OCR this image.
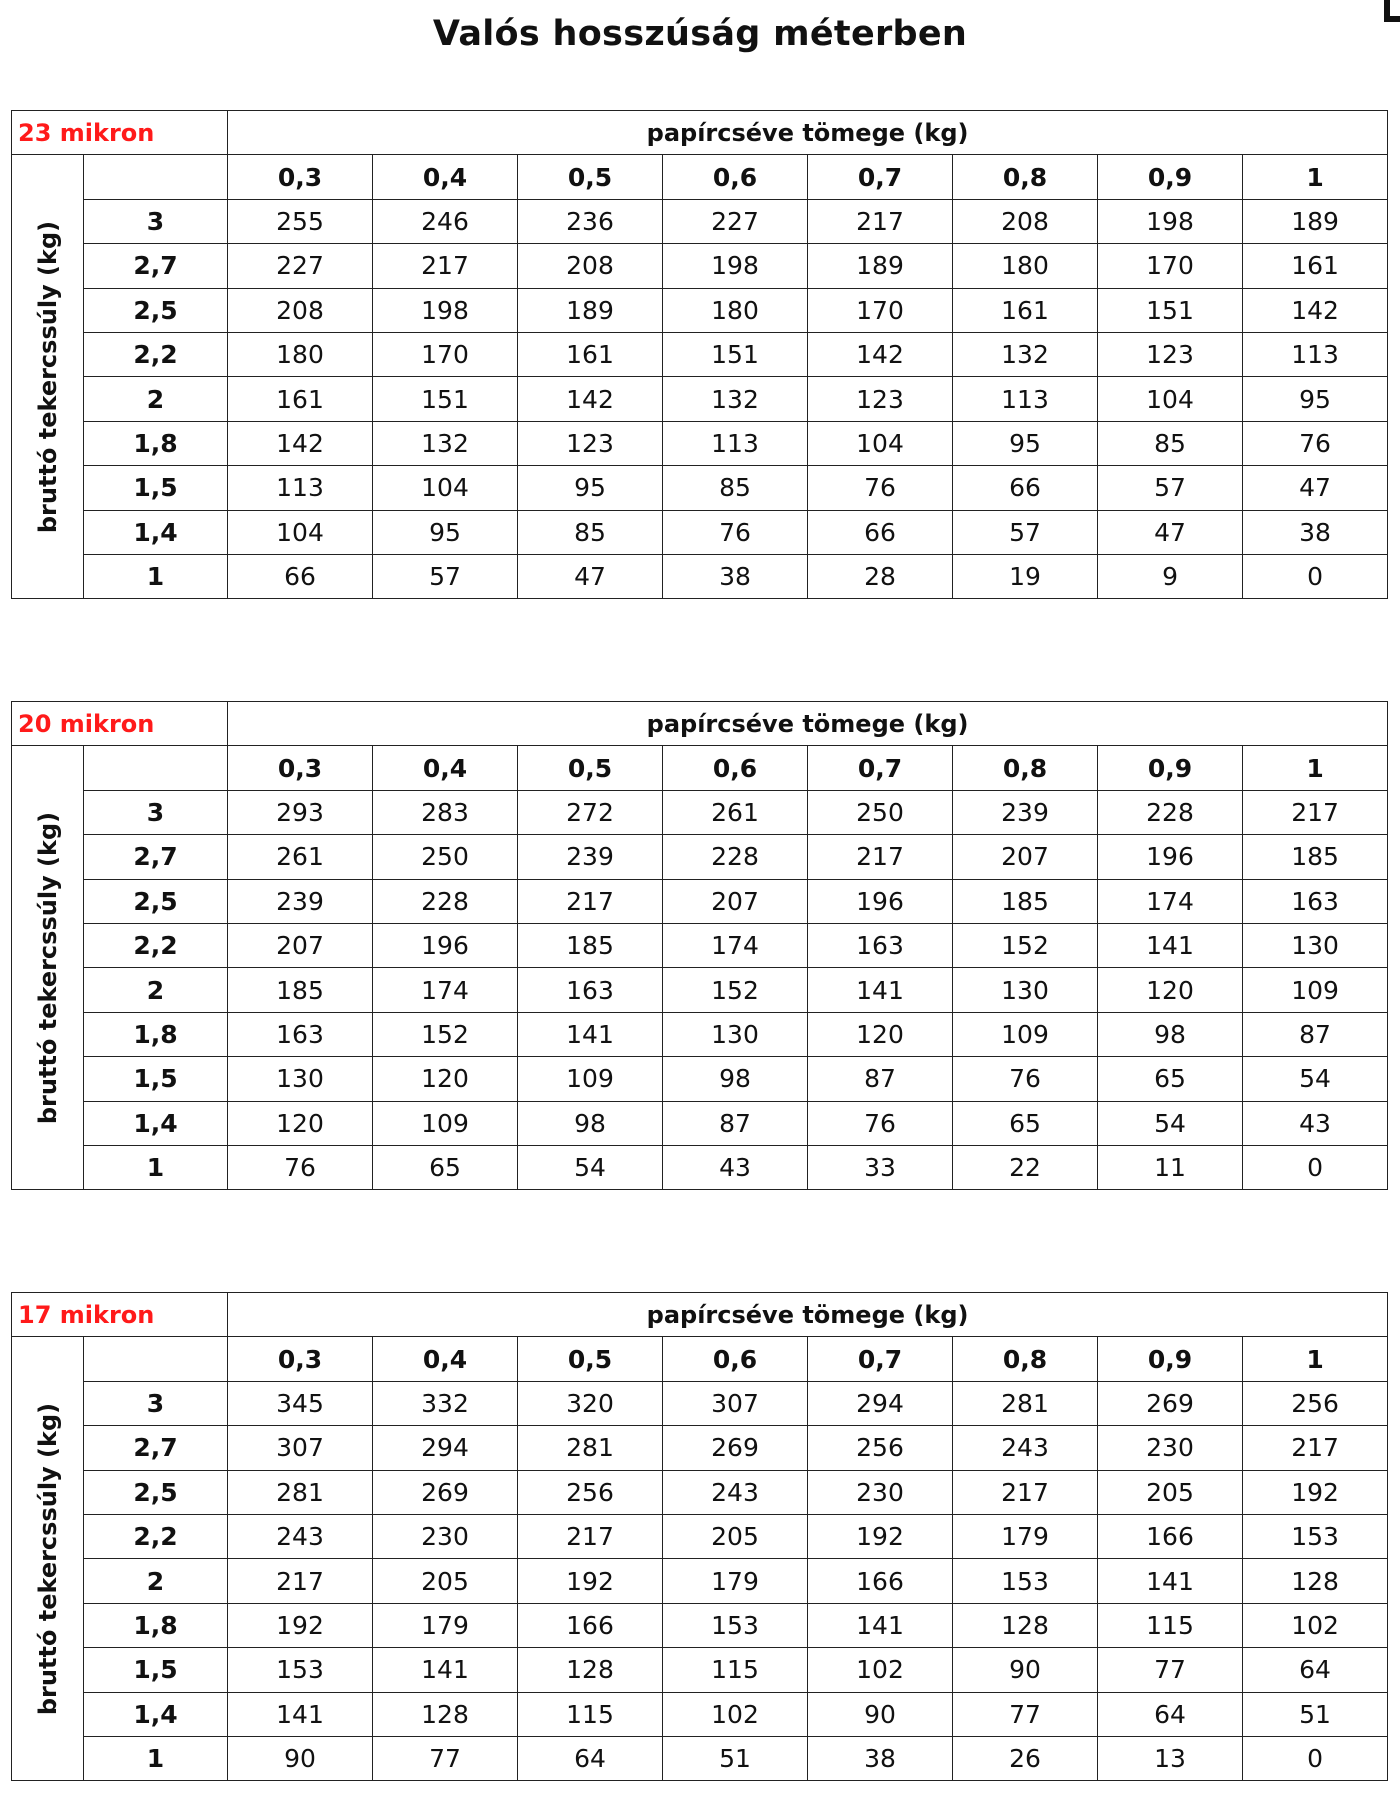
Valós hosszúság méterben
23 mikron		papírcséve tömege (kg)							

bruttó tekercssúly (kg)		0,3	0,4	0,5	0,6	0,7	0,8	0,9	1
	3	255	246	236	227	217	208	198	189
	2,7	227	217	208	198	189	180	170	161
	2,5	208	198	189	180	170	161	151	142
	2,2	180	170	161	151	142	132	123	113
	2	161	151	142	132	123	113	104	95
	1,8	142	132	123	113	104	95	85	76
	1,5	113	104	95	85	76	66	57	47
	1,4	104	95	85	76	66	57	47	38
	1	66	57	47	38	28	19	9	0
20 mikron		papírcséve tömege (kg)							

bruttó tekercssúly (kg)		0,3	0,4	0,5	0,6	0,7	0,8	0,9	1
	3	293	283	272	261	250	239	228	217
	2,7	261	250	239	228	217	207	196	185
	2,5	239	228	217	207	196	185	174	163
	2,2	207	196	185	174	163	152	141	130
	2	185	174	163	152	141	130	120	109
	1,8	163	152	141	130	120	109	98	87
	1,5	130	120	109	98	87	76	65	54
	1,4	120	109	98	87	76	65	54	43
	1	76	65	54	43	33	22	11	0
17 mikron		papírcséve tömege (kg)							

bruttó tekercssúly (kg)		0,3	0,4	0,5	0,6	0,7	0,8	0,9	1
	3	345	332	320	307	294	281	269	256
	2,7	307	294	281	269	256	243	230	217
	2,5	281	269	256	243	230	217	205	192
	2,2	243	230	217	205	192	179	166	153
	2	217	205	192	179	166	153	141	128
	1,8	192	179	166	153	141	128	115	102
	1,5	153	141	128	115	102	90	77	64
	1,4	141	128	115	102	90	77	64	51
	1	90	77	64	51	38	26	13	0
